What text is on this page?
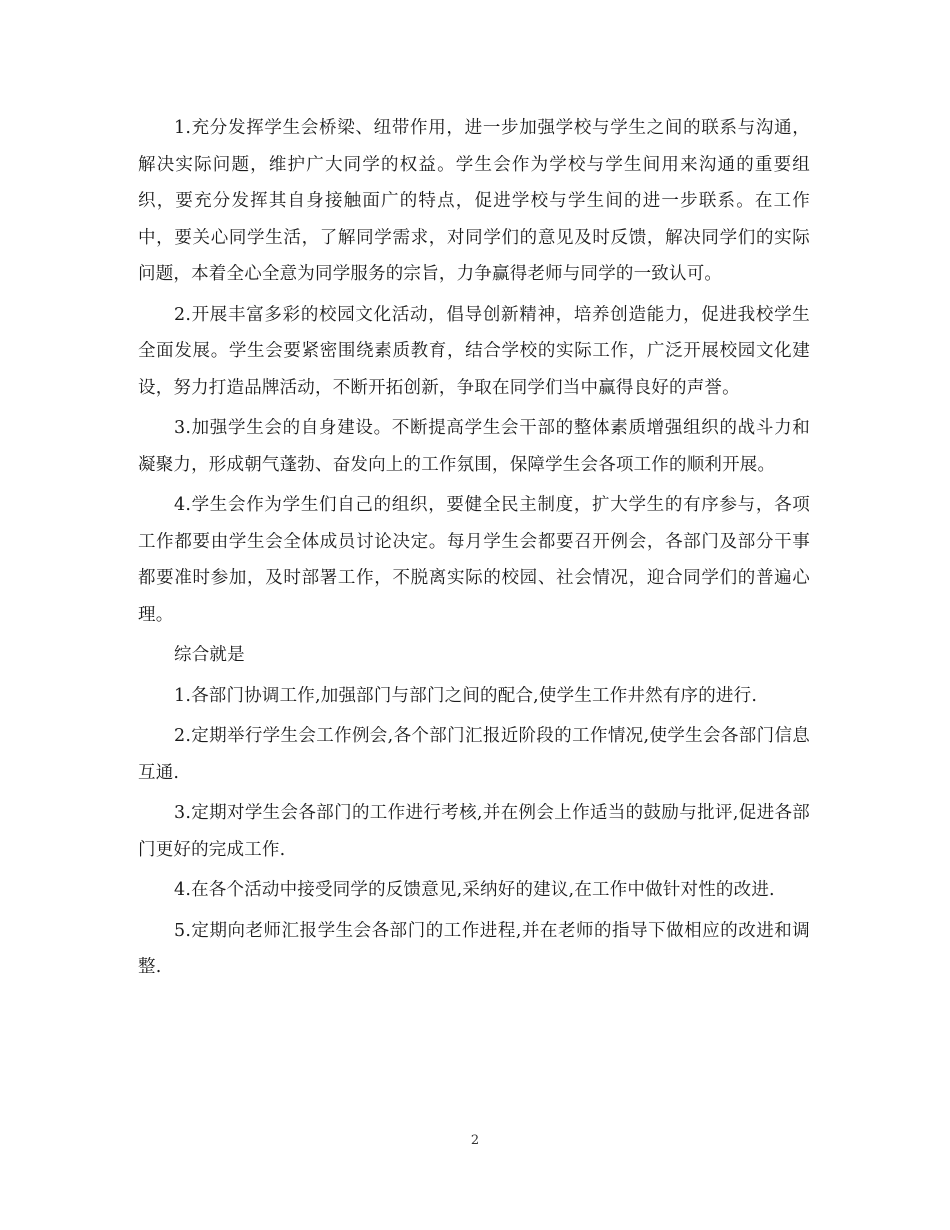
1.充分发挥学生会桥梁、纽带作用，进一步加强学校与学生之间的联系与沟通，解决实际问题，维护广大同学的权益。学生会作为学校与学生间用来沟通的重要组织，要充分发挥其自身接触面广的特点，促进学校与学生间的进一步联系。在工作中，要关心同学生活，了解同学需求，对同学们的意见及时反馈，解决同学们的实际问题，本着全心全意为同学服务的宗旨，力争赢得老师与同学的一致认可。

2.开展丰富多彩的校园文化活动，倡导创新精神，培养创造能力，促进我校学生全面发展。学生会要紧密围绕素质教育，结合学校的实际工作，广泛开展校园文化建设，努力打造品牌活动，不断开拓创新，争取在同学们当中赢得良好的声誉。

3.加强学生会的自身建设。不断提高学生会干部的整体素质增强组织的战斗力和凝聚力，形成朝气蓬勃、奋发向上的工作氛围，保障学生会各项工作的顺利开展。

4.学生会作为学生们自己的组织，要健全民主制度，扩大学生的有序参与，各项工作都要由学生会全体成员讨论决定。每月学生会都要召开例会，各部门及部分干事都要准时参加，及时部署工作，不脱离实际的校园、社会情况，迎合同学们的普遍心理。

综合就是

1.各部门协调工作,加强部门与部门之间的配合,使学生工作井然有序的进行.

2.定期举行学生会工作例会,各个部门汇报近阶段的工作情况,使学生会各部门信息互通.

3.定期对学生会各部门的工作进行考核,并在例会上作适当的鼓励与批评,促进各部门更好的完成工作.

4.在各个活动中接受同学的反馈意见,采纳好的建议,在工作中做针对性的改进.

5.定期向老师汇报学生会各部门的工作进程,并在老师的指导下做相应的改进和调整.

2
